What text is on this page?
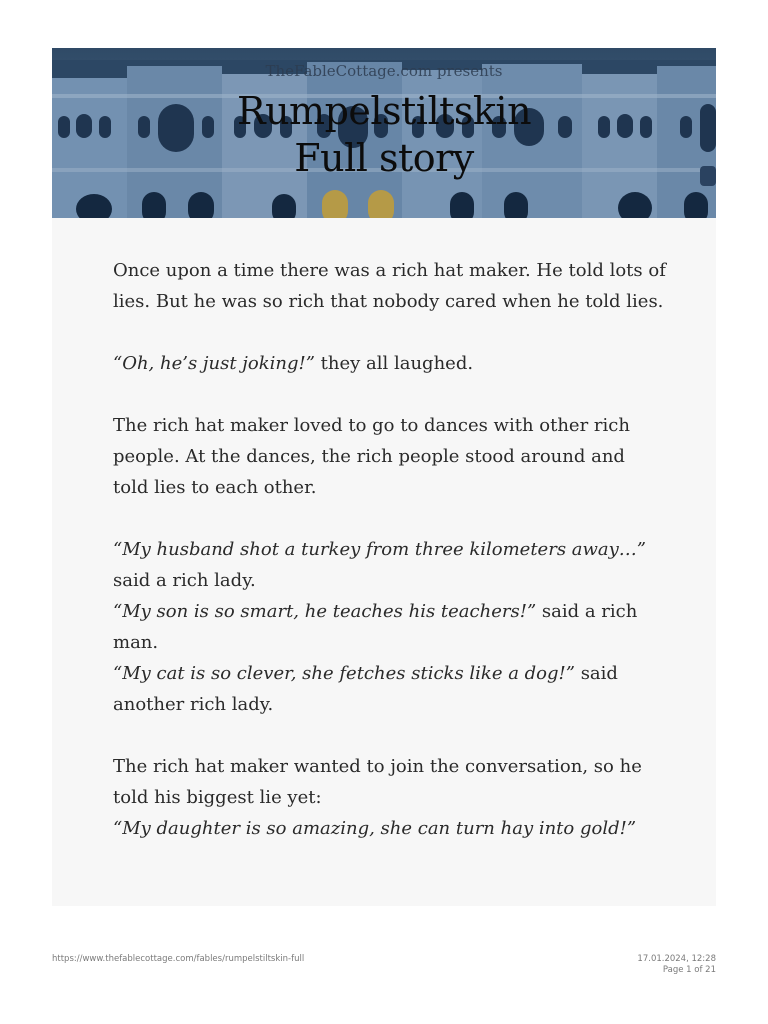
TheFableCottage.com presents
Rumpelstiltskin
Full story

Once upon a time there was a rich hat maker. He told lots of
lies. But he was so rich that nobody cared when he told lies.

“Oh, he’s just joking!” they all laughed.

The rich hat maker loved to go to dances with other rich
people. At the dances, the rich people stood around and
told lies to each other.

“My husband shot a turkey from three kilometers away…”
said a rich lady.
“My son is so smart, he teaches his teachers!” said a rich
man.
“My cat is so clever, she fetches sticks like a dog!” said
another rich lady.

The rich hat maker wanted to join the conversation, so he
told his biggest lie yet:
“My daughter is so amazing, she can turn hay into gold!”

https://www.thefablecottage.com/fables/rumpelstiltskin-full	17.01.2024, 12:28
Page 1 of 21
